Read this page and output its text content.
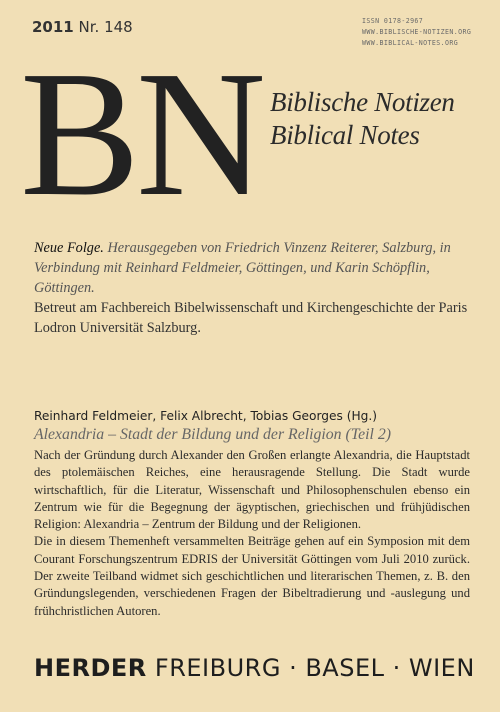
2011 Nr. 148	ISSN 0178-2967
WWW.BIBLISCHE-NOTIZEN.ORG
WWW.BIBLICAL-NOTES.ORG
BN Biblische Notizen
Biblical Notes

Neue Folge. Herausgegeben von Friedrich Vinzenz Reiterer, Salzburg, in Verbindung mit Reinhard Feldmeier, Göttingen, und Karin Schöpflin, Göttingen.

Betreut am Fachbereich Bibelwissenschaft und Kirchengeschichte der Paris Lodron Universität Salzburg.

Reinhard Feldmeier, Felix Albrecht, Tobias Georges (Hg.)
Alexandria – Stadt der Bildung und der Religion (Teil 2)

Nach der Gründung durch Alexander den Großen erlangte Alexandria, die Hauptstadt des ptolemäischen Reiches, eine herausragende Stellung. Die Stadt wurde wirtschaftlich, für die Literatur, Wissenschaft und Philosophenschulen ebenso ein Zentrum wie für die Begegnung der ägyptischen, griechischen und frühjüdischen Religion: Alexandria – Zentrum der Bildung und der Religionen.

Die in diesem Themenheft versammelten Beiträge gehen auf ein Symposion mit dem Courant Forschungszentrum EDRIS der Universität Göttingen vom Juli 2010 zurück. Der zweite Teilband widmet sich geschichtlichen und literarischen Themen, z. B. den Gründungslegenden, verschiedenen Fragen der Bibeltradierung und -auslegung und frühchristlichen Autoren.

HERDER FREIBURG · BASEL · WIEN
